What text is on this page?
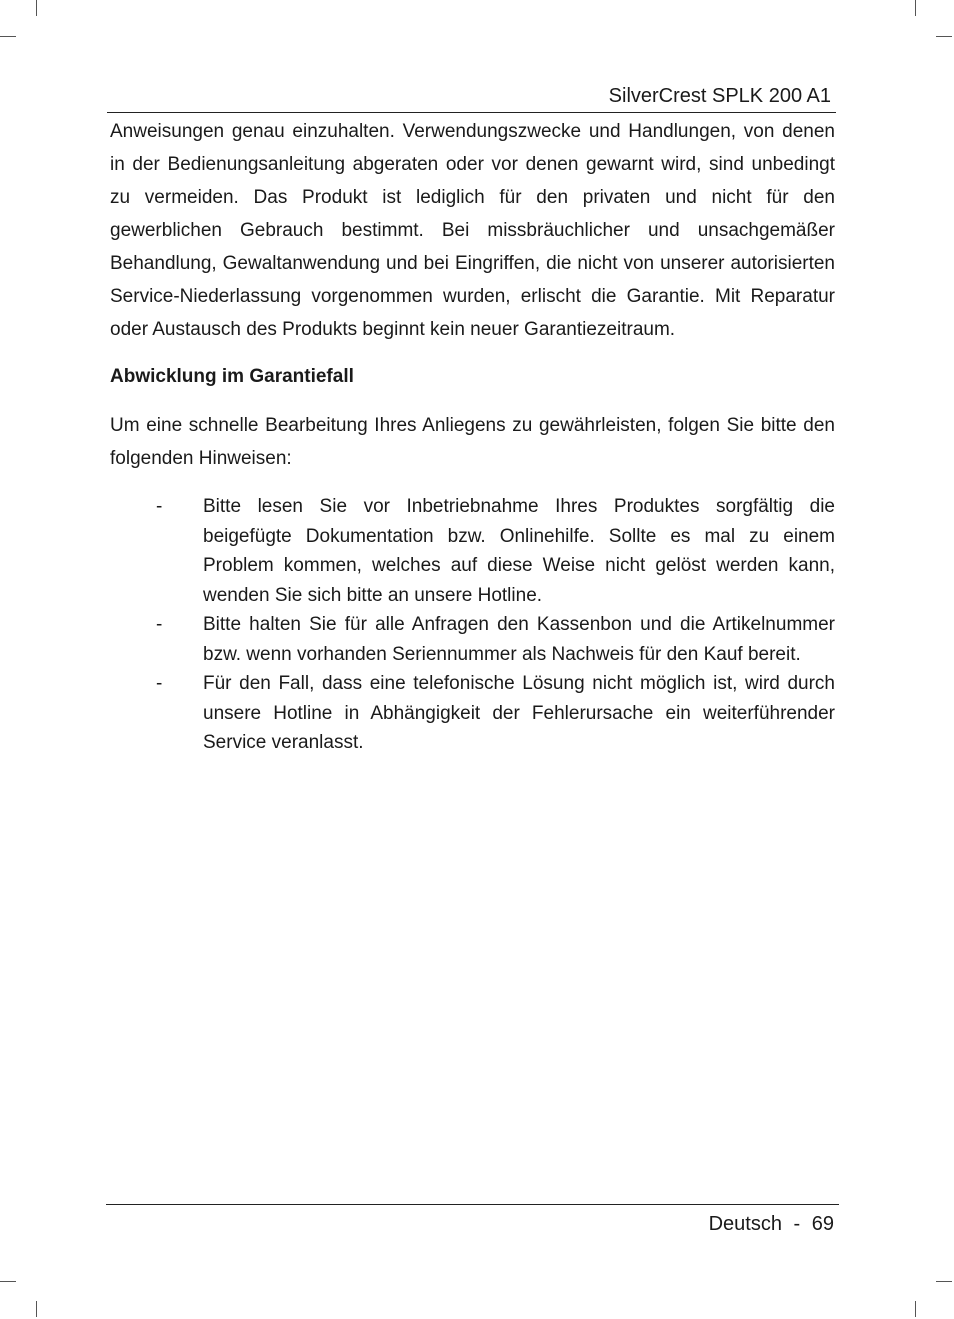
SilverCrest SPLK 200 A1

Anweisungen genau einzuhalten. Verwendungszwecke und Handlungen, von denen in der Bedienungsanleitung abgeraten oder vor denen gewarnt wird, sind unbedingt zu vermeiden. Das Produkt ist lediglich für den privaten und nicht für den gewerblichen Gebrauch bestimmt. Bei missbräuchlicher und unsachgemäßer Behandlung, Gewaltanwendung und bei Eingriffen, die nicht von unserer autorisierten Service-Niederlassung vorgenommen wurden, erlischt die Garantie. Mit Reparatur oder Austausch des Produkts beginnt kein neuer Garantiezeitraum.

Abwicklung im Garantiefall

Um eine schnelle Bearbeitung Ihres Anliegens zu gewährleisten, folgen Sie bitte den folgenden Hinweisen:

- Bitte lesen Sie vor Inbetriebnahme Ihres Produktes sorgfältig die beigefügte Dokumentation bzw. Onlinehilfe. Sollte es mal zu einem Problem kommen, welches auf diese Weise nicht gelöst werden kann, wenden Sie sich bitte an unsere Hotline.
- Bitte halten Sie für alle Anfragen den Kassenbon und die Artikelnummer bzw. wenn vorhanden Seriennummer als Nachweis für den Kauf bereit.
- Für den Fall, dass eine telefonische Lösung nicht möglich ist, wird durch unsere Hotline in Abhängigkeit der Fehlerursache ein weiterführender Service veranlasst.
Deutsch - 69
